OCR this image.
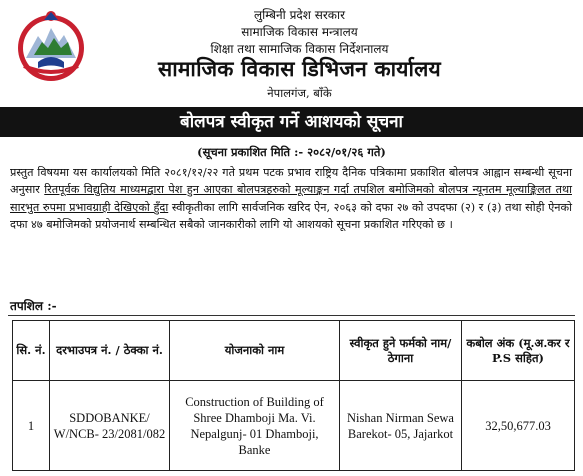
लुम्बिनी प्रदेश सरकार
सामाजिक विकास मन्त्रालय
शिक्षा तथा सामाजिक विकास निर्देशनालय
सामाजिक विकास डिभिजन कार्यालय
नेपालगंज, बाँके
बोलपत्र स्वीकृत गर्ने आशयको सूचना
(सूचना प्रकाशित मिति :- २०८२/०१/२६ गते)
प्रस्तुत विषयमा यस कार्यालयको मिति २०८१/१२/२२ गते प्रथम पटक प्रभाव राष्ट्रिय दैनिक पत्रिकामा प्रकाशित बोलपत्र आह्वान सम्बन्धी सूचना अनुसार रितपूर्वक विद्युतिय माध्यमद्वारा पेश हुन आएका बोलपत्रहरुको मूल्याङ्कन गर्दा तपशिल बमोजिमको बोलपत्र न्यूनतम मूल्याङ्किलत तथा सारभुत रुपमा प्रभावग्राही देखिएको हुँदा स्वीकृतीका लागि सार्वजनिक खरिद ऐन, २०६३ को दफा २७ को उपदफा (२) र (३) तथा सोही ऐनको दफा ४७ बमोजिमको प्रयोजनार्थ सम्बन्धित सबैको जानकारीको लागि यो आशयको सूचना प्रकाशित गरिएको छ ।
तपशिल :-
सि. नं.	दरभाउपत्र नं. / ठेक्का नं.	योजनाको नाम	स्वीकृत हुने फर्मको नाम/ ठेगाना	कबोल अंक (मू.अ.कर र P.S सहित)
1	SDDOBANKE/ W/NCB- 23/2081/082	Construction of Building of Shree Dhamboji Ma. Vi. Nepalgunj- 01 Dhamboji, Banke	Nishan Nirman Sewa Barekot- 05, Jajarkot	32,50,677.03
